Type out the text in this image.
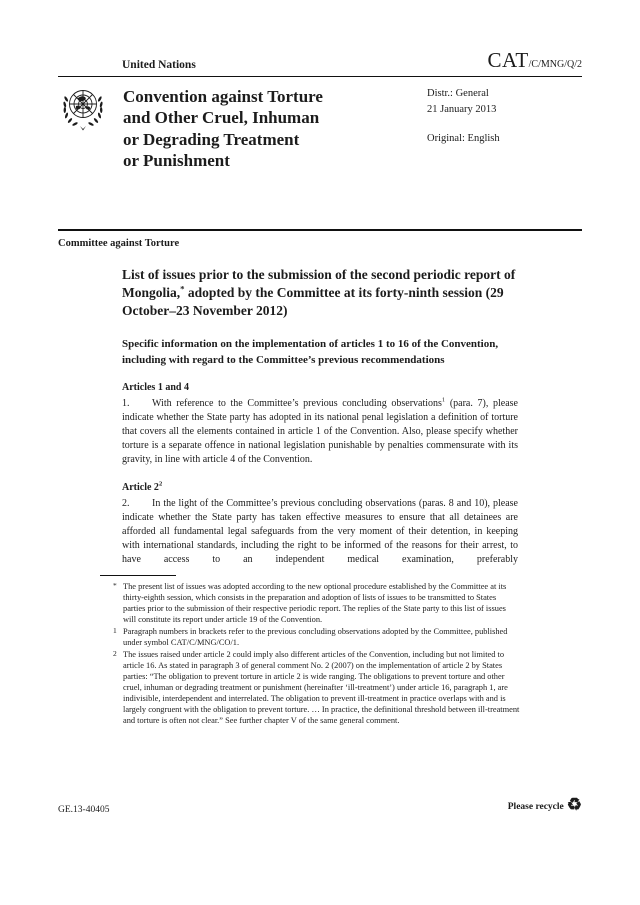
United Nations	CAT/C/MNG/Q/2
Convention against Torture
and Other Cruel, Inhuman
or Degrading Treatment
or Punishment
Distr.: General
21 January 2013
Original: English
Committee against Torture
List of issues prior to the submission of the second periodic report of Mongolia,* adopted by the Committee at its forty-ninth session (29 October–23 November 2012)
Specific information on the implementation of articles 1 to 16 of the Convention, including with regard to the Committee’s previous recommendations
Articles 1 and 4

1. With reference to the Committee’s previous concluding observations$^1$ (para. 7), please indicate whether the State party has adopted in its national penal legislation a definition of torture that covers all the elements contained in article 1 of the Convention. Also, please specify whether torture is a separate offence in national legislation punishable by penalties commensurate with its gravity, in line with article 4 of the Convention.

Article $2^2$

2. In the light of the Committee’s previous concluding observations (paras. 8 and 10), please indicate whether the State party has taken effective measures to ensure that all detainees are afforded all fundamental legal safeguards from the very moment of their detention, in keeping with international standards, including the right to be informed of the reasons for their arrest, to have access to an independent medical examination, preferably

* The present list of issues was adopted according to the new optional procedure established by the Committee at its thirty-eighth session, which consists in the preparation and adoption of lists of issues to be transmitted to States parties prior to the submission of their respective periodic report. The replies of the State party to this list of issues will constitute its report under article 19 of the Convention.
1 Paragraph numbers in brackets refer to the previous concluding observations adopted by the Committee, published under symbol CAT/C/MNG/CO/1.
2 The issues raised under article 2 could imply also different articles of the Convention, including but not limited to article 16. As stated in paragraph 3 of general comment No. 2 (2007) on the implementation of article 2 by States parties: “The obligation to prevent torture in article 2 is wide ranging. The obligations to prevent torture and other cruel, inhuman or degrading treatment or punishment (hereinafter ‘ill-treatment’) under article 16, paragraph 1, are indivisible, interdependent and interrelated. The obligation to prevent ill-treatment in practice overlaps with and is largely congruent with the obligation to prevent torture. … In practice, the definitional threshold between ill-treatment and torture is often not clear.” See further chapter V of the same general comment.
GE.13-40405	Please recycle ♻
